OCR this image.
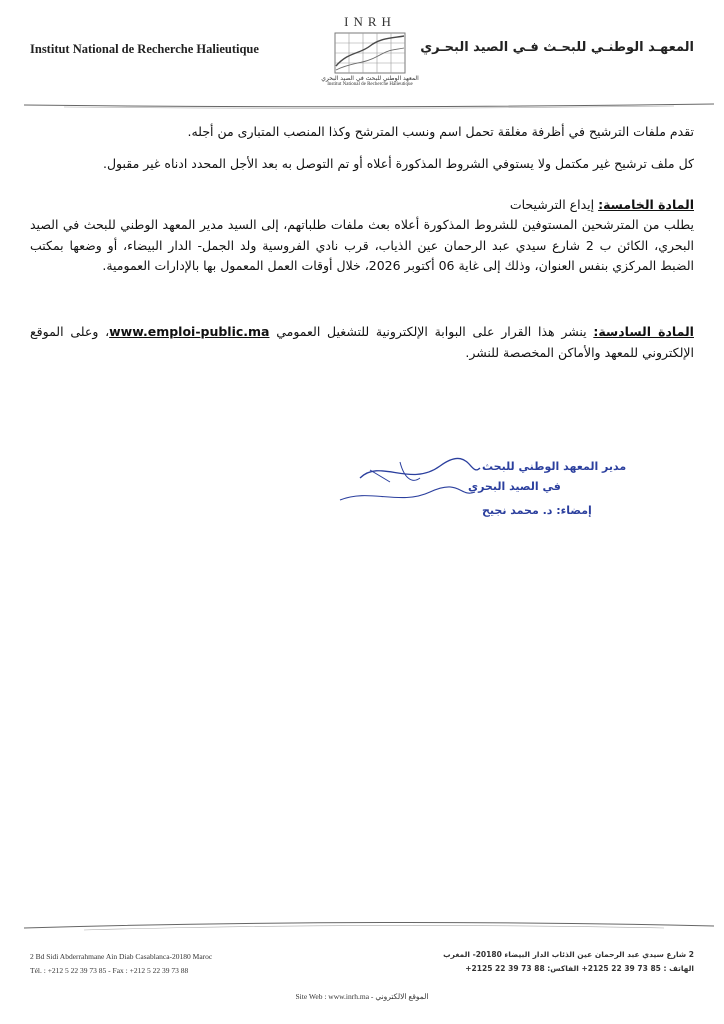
Institut National de Recherche Halieutique	المعهـد الوطنـي للبحـث فـي الصيد البحـري
INRH
المعهد الوطني للبحث في الصيد البحري
Institut National de Recherche Halieutique
تقدم ملفات الترشيح في أظرفة مغلقة تحمل اسم ونسب المترشح وكذا المنصب المتبارى من أجله.
كل ملف ترشيح غير مكتمل ولا يستوفي الشروط المذكورة أعلاه أو تم التوصل به بعد الأجل المحدد ادناه غير مقبول.
المادة الخامسة: إيداع الترشيحات
يطلب من المترشحين المستوفين للشروط المذكورة أعلاه بعث ملفات طلباتهم، إلى السيد مدير المعهد الوطني للبحث في الصيد البحري، الكائن ب 2 شارع سيدي عبد الرحمان عين الذياب، قرب نادي الفروسية ولد الجمل- الدار البيضاء، أو وضعها بمكتب الضبط المركزي بنفس العنوان، وذلك إلى غاية 06 أكتوبر 2026، خلال أوقات العمل المعمول بها بالإدارات العمومية.
المادة السادسة: ينشر هذا القرار على البوابة الإلكترونية للتشغيل العمومي www.emploi-public.ma، وعلى الموقع الإلكتروني للمعهد والأماكن المخصصة للنشر.
مدير المعهد الوطني للبحث
في الصيد البحري
إمضاء: د. محمد نجيح
2 Bd Sidi Abderrahmane Ain Diab Casablanca-20180 Maroc
Tél. : +212 5 22 39 73 85 - Fax : +212 5 22 39 73 88
2 شارع سيدي عبد الرحمان عين الذئاب الدار البيضاء 20180- المغرب
الهاتف : 85 73 39 22 2125+ الفاكس: 88 73 39 22 2125+
Site Web : www.inrh.ma - الموقع الالكتروني
